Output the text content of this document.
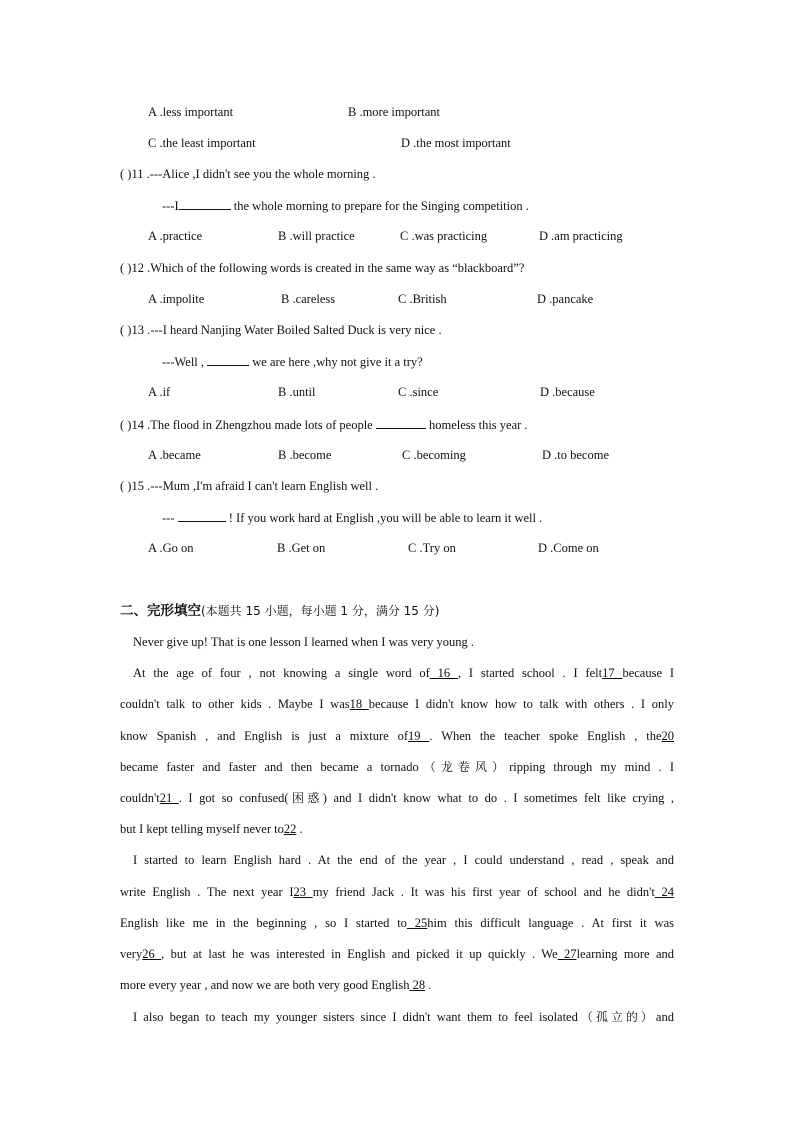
A .less important	B .more important
C .the least important	D .the most important
( )11 .---Alice ,I didn't see you the whole morning .
---I	the whole morning to prepare for the Singing competition .
A .practice	B .will practice	C .was practicing	D .am practicing
( )12 .Which of the following words is created in the same way as “blackboard”?
A .impolite	B .careless	C .British	D .pancake
( )13 .---I heard Nanjing Water Boiled Salted Duck is very nice .
---Well ,	we are here ,why not give it a try?
A .if	B .until	C .since	D .because
( )14 .The flood in Zhengzhou made lots of people	homeless this year .
A .became	B .become	C .becoming	D .to become
( )15 .---Mum ,I'm afraid I can't learn English well .
---	! If you work hard at English ,you will be able to learn it well .
A .Go on	B .Get on	C .Try on	D .Come on
二、完形填空(本题共 15 小题，每小题 1 分，满分 15 分)
Never give up! That is one lesson I learned when I was very young .
At the age of four , not knowing a single word of 16 , I started school . I felt17 because I
couldn't talk to other kids . Maybe I was18 because I didn't know how to talk with others . I only
know Spanish , and English is just a mixture of19 . When the teacher spoke English , the20
became faster and faster and then became a tornado（龙卷风）ripping through my mind . I
couldn't21 . I got so confused(困惑) and I didn't know what to do . I sometimes felt like crying ,
but I kept telling myself never to22 .
I started to learn English hard . At the end of the year , I could understand , read , speak and
write English . The next year I23 my friend Jack . It was his first year of school and he didn't 24
English like me in the beginning , so I started to 25him this difficult language . At first it was
very26 , but at last he was interested in English and picked it up quickly . We 27learning more and
more every year , and now we are both very good English 28 .
I also began to teach my younger sisters since I didn't want them to feel isolated（孤立的）and
